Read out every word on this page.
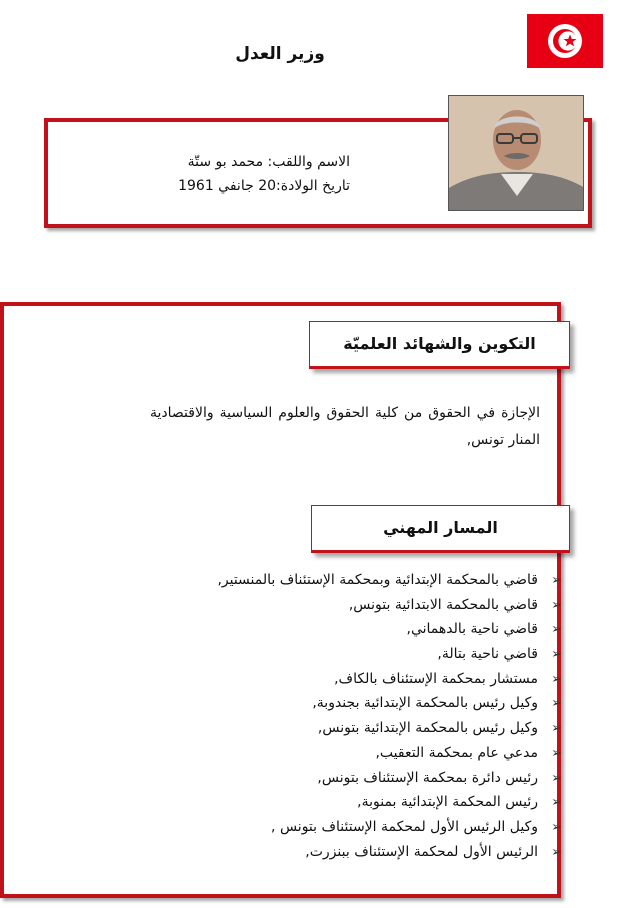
وزير العدل
الاسم واللقب: محمد بو ستّة
تاريخ الولادة:20 جانفي 1961
التكوين والشهائد العلميّة
الإجازة في الحقوق من كلية الحقوق والعلوم السياسية والاقتصادية المنار تونس,
المسار المهني
➢قاضي بالمحكمة الإبتدائية وبمحكمة الإستئناف بالمنستير,
➢قاضي بالمحكمة الابتدائية بتونس,
➢قاضي ناحية بالدهماني,
➢قاضي ناحية بتالة,
➢مستشار بمحكمة الإستئناف بالكاف,
➢وكيل رئيس بالمحكمة الإبتدائية بجندوبة,
➢وكيل رئيس بالمحكمة الإبتدائية بتونس,
➢مدعي عام بمحكمة التعقيب,
➢رئيس دائرة بمحكمة الإستئناف بتونس,
➢رئيس المحكمة الإبتدائية بمنوبة,
➢وكيل الرئيس الأول لمحكمة الإستئناف بتونس ,
➢الرئيس الأول لمحكمة الإستئناف ببنزرت,
